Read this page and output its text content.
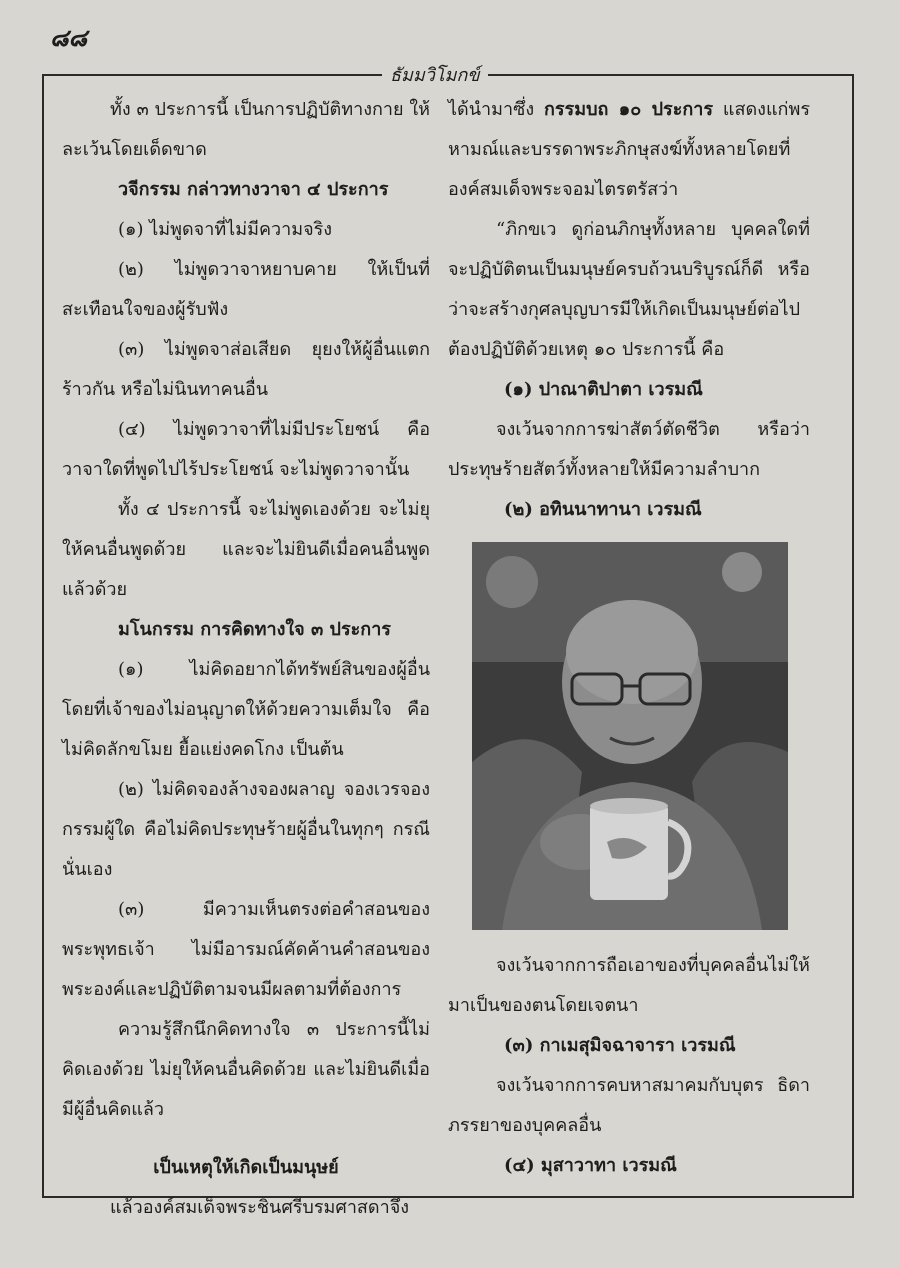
๘๘
ธัมมวิโมกข์

ทั้ง ๓ ประการนี้ เป็นการปฏิบัติทางกาย ให้ละเว้นโดยเด็ดขาด

วจีกรรม กล่าวทางวาจา ๔ ประการ

(๑) ไม่พูดจาที่ไม่มีความจริง

(๒) ไม่พูดวาจาหยาบคาย ให้เป็นที่สะเทือนใจของผู้รับฟัง

(๓) ไม่พูดจาส่อเสียด ยุยงให้ผู้อื่นแตกร้าวกัน หรือไม่นินทาคนอื่น

(๔) ไม่พูดวาจาที่ไม่มีประโยชน์ คือ วาจาใดที่พูดไปไร้ประโยชน์ จะไม่พูดวาจานั้น

ทั้ง ๔ ประการนี้ จะไม่พูดเองด้วย จะไม่ยุให้คนอื่นพูดด้วย และจะไม่ยินดีเมื่อคนอื่นพูดแล้วด้วย

มโนกรรม การคิดทางใจ ๓ ประการ

(๑) ไม่คิดอยากได้ทรัพย์สินของผู้อื่นโดยที่เจ้าของไม่อนุญาตให้ด้วยความเต็มใจ คือไม่คิดลักขโมย ยื้อแย่งคดโกง เป็นต้น

(๒) ไม่คิดจองล้างจองผลาญ จองเวรจองกรรมผู้ใด คือไม่คิดประทุษร้ายผู้อื่นในทุกๆ กรณีนั่นเอง

(๓) มีความเห็นตรงต่อคำสอนของพระพุทธเจ้า ไม่มีอารมณ์คัดค้านคำสอนของพระองค์และปฏิบัติตามจนมีผลตามที่ต้องการ

ความรู้สึกนึกคิดทางใจ ๓ ประการนี้ไม่คิดเองด้วย ไม่ยุให้คนอื่นคิดด้วย และไม่ยินดีเมื่อมีผู้อื่นคิดแล้ว

เป็นเหตุให้เกิดเป็นมนุษย์

แล้วองค์สมเด็จพระชินศรีบรมศาสดาจึง

ได้นำมาซึ่ง กรรมบถ ๑๐ ประการ แสดงแก่พรหามณ์และบรรดาพระภิกษุสงฆ์ทั้งหลายโดยที่องค์สมเด็จพระจอมไตรตรัสว่า

“ภิกขเว ดูก่อนภิกษุทั้งหลาย บุคคลใดที่จะปฏิบัติตนเป็นมนุษย์ครบถ้วนบริบูรณ์ก็ดี หรือว่าจะสร้างกุศลบุญบารมีให้เกิดเป็นมนุษย์ต่อไป ต้องปฏิบัติด้วยเหตุ ๑๐ ประการนี้ คือ

(๑) ปาณาติปาตา เวรมณี

จงเว้นจากการฆ่าสัตว์ตัดชีวิต หรือว่าประทุษร้ายสัตว์ทั้งหลายให้มีความลำบาก

(๒) อทินนาทานา เวรมณี

จงเว้นจากการถือเอาของที่บุคคลอื่นไม่ให้ มาเป็นของตนโดยเจตนา

(๓) กาเมสุมิจฉาจารา เวรมณี

จงเว้นจากการคบหาสมาคมกับบุตร ธิดาภรรยาของบุคคลอื่น

(๔) มุสาวาทา เวรมณี
